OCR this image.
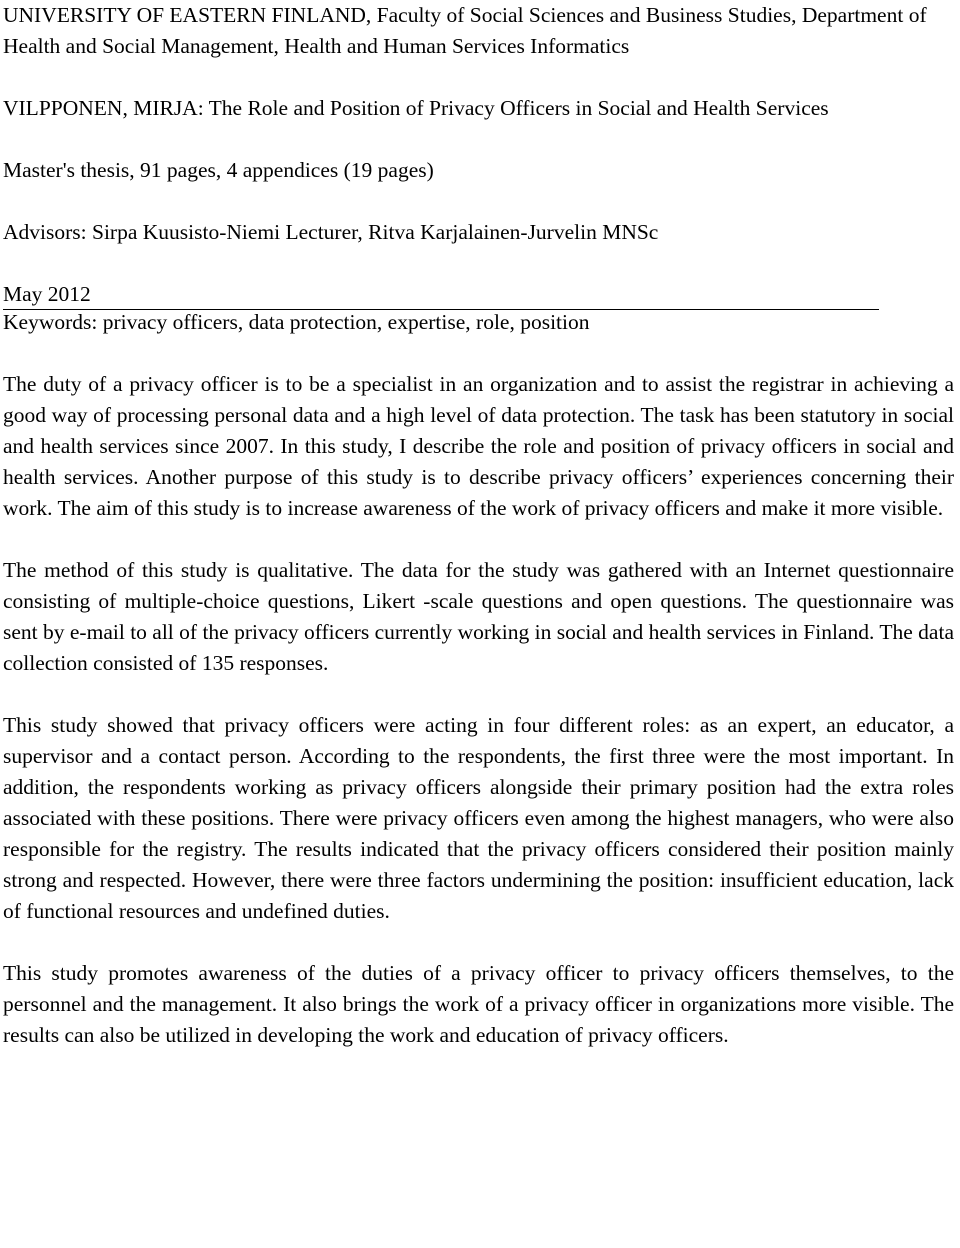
UNIVERSITY OF EASTERN FINLAND, Faculty of Social Sciences and Business Studies, Department of Health and Social Management, Health and Human Services Informatics

VILPPONEN, MIRJA: The Role and Position of Privacy Officers in Social and Health Services

Master's thesis, 91 pages, 4 appendices (19 pages)

Advisors: Sirpa Kuusisto-Niemi Lecturer, Ritva Karjalainen-Jurvelin MNSc

May 2012

Keywords: privacy officers, data protection, expertise, role, position

The duty of a privacy officer is to be a specialist in an organization and to assist the registrar in achieving a good way of processing personal data and a high level of data protection. The task has been statutory in social and health services since 2007. In this study, I describe the role and position of privacy officers in social and health services. Another purpose of this study is to describe privacy officers’ experiences concerning their work. The aim of this study is to increase awareness of the work of privacy officers and make it more visible.

The method of this study is qualitative. The data for the study was gathered with an Internet questionnaire consisting of multiple-choice questions, Likert -scale questions and open questions. The questionnaire was sent by e-mail to all of the privacy officers currently working in social and health services in Finland. The data collection consisted of 135 responses.

This study showed that privacy officers were acting in four different roles: as an expert, an educator, a supervisor and a contact person. According to the respondents, the first three were the most important. In addition, the respondents working as privacy officers alongside their primary position had the extra roles associated with these positions. There were privacy officers even among the highest managers, who were also responsible for the registry. The results indicated that the privacy officers considered their position mainly strong and respected. However, there were three factors undermining the position: insufficient education, lack of functional resources and undefined duties.

This study promotes awareness of the duties of a privacy officer to privacy officers themselves, to the personnel and the management. It also brings the work of a privacy officer in organizations more visible. The results can also be utilized in developing the work and education of privacy officers.
